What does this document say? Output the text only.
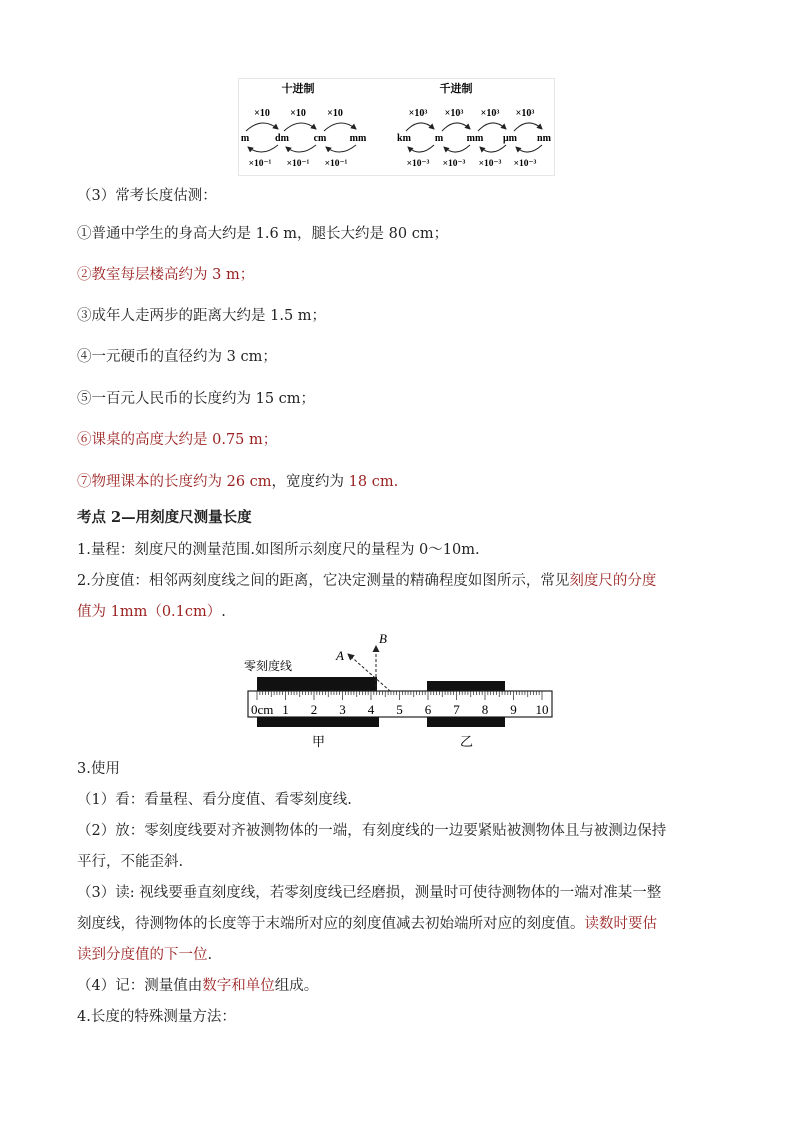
十进制	千进制
×10 ×10 ×10
m	dm cm mm
×10⁻¹ ×10⁻¹ ×10⁻¹
×10³ ×10³ ×10³ ×10³
km m mm μm nm
×10⁻³ ×10⁻³ ×10⁻³ ×10⁻³
（3）常考长度估测：
①普通中学生的身高大约是 1.6 m，腿长大约是 80 cm；
②教室每层楼高约为 3 m；
③成年人走两步的距离大约是 1.5 m；
④一元硬币的直径约为 3 cm；
⑤一百元人民币的长度约为 15 cm；
⑥课桌的高度大约是 0.75 m；
⑦物理课本的长度约为 26 cm，宽度约为 18 cm.
考点 2—用刻度尺测量长度
1.量程：刻度尺的测量范围.如图所示刻度尺的量程为 0～10m.
2.分度值：相邻两刻度线之间的距离，它决定测量的精确程度如图所示，常见刻度尺的分度
值为 1mm（0.1cm）.
零刻度线
A
B
0cm 1 2 3 4 5 6 7 8 9 10
甲	乙
3.使用
（1）看：看量程、看分度值、看零刻度线.
（2）放：零刻度线要对齐被测物体的一端，有刻度线的一边要紧贴被测物体且与被测边保持
平行，不能歪斜.
（3）读: 视线要垂直刻度线，若零刻度线已经磨损，测量时可使待测物体的一端对准某一整
刻度线，待测物体的长度等于末端所对应的刻度值减去初始端所对应的刻度值。读数时要估
读到分度值的下一位.
（4）记：测量值由数字和单位组成。
4.长度的特殊测量方法：
